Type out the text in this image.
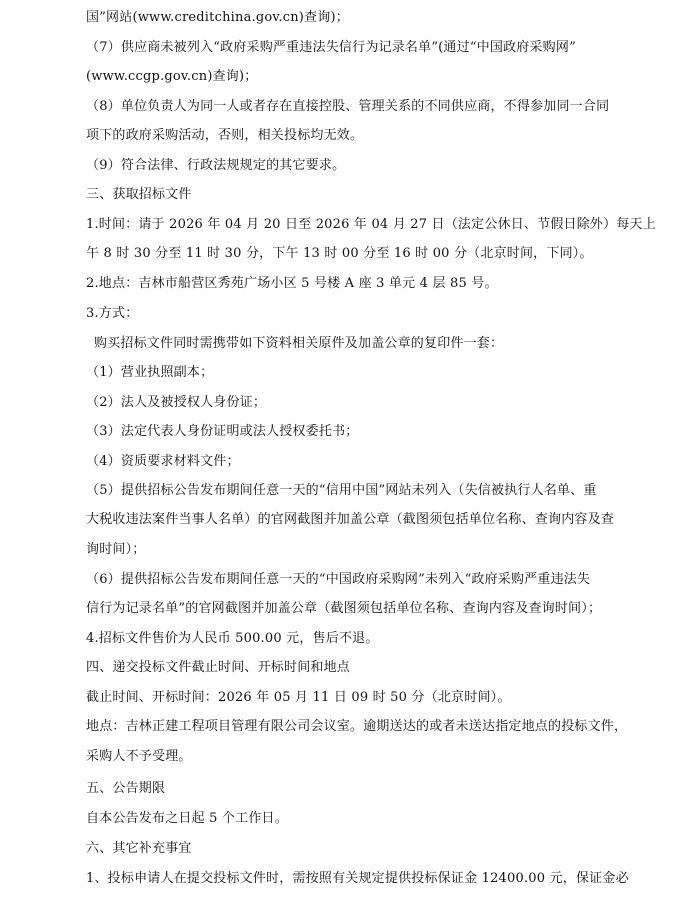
国”网站(www.creditchina.gov.cn)查询)；
（7）供应商未被列入“政府采购严重违法失信行为记录名单”(通过“中国政府采购网”
(www.ccgp.gov.cn)查询)；
（8）单位负责人为同一人或者存在直接控股、管理关系的不同供应商，不得参加同一合同
项下的政府采购活动，否则，相关投标均无效。
（9）符合法律、行政法规规定的其它要求。
三、获取招标文件
1.时间：请于 2026 年 04 月 20 日至 2026 年 04 月 27 日（法定公休日、节假日除外）每天上
午 8 时 30 分至 11 时 30 分，下午 13 时 00 分至 16 时 00 分（北京时间，下同）。
2.地点：吉林市船营区秀苑广场小区 5 号楼 A 座 3 单元 4 层 85 号。
3.方式：
购买招标文件同时需携带如下资料相关原件及加盖公章的复印件一套：
（1）营业执照副本；
（2）法人及被授权人身份证；
（3）法定代表人身份证明或法人授权委托书；
（4）资质要求材料文件；
（5）提供招标公告发布期间任意一天的“信用中国”网站未列入（失信被执行人名单、重
大税收违法案件当事人名单）的官网截图并加盖公章（截图须包括单位名称、查询内容及查
询时间）；
（6）提供招标公告发布期间任意一天的“中国政府采购网”未列入“政府采购严重违法失
信行为记录名单”的官网截图并加盖公章（截图须包括单位名称、查询内容及查询时间）；
4.招标文件售价为人民币 500.00 元，售后不退。
四、递交投标文件截止时间、开标时间和地点
截止时间、开标时间：2026 年 05 月 11 日 09 时 50 分（北京时间）。
地点：吉林正建工程项目管理有限公司会议室。逾期送达的或者未送达指定地点的投标文件，
采购人不予受理。
五、公告期限
自本公告发布之日起 5 个工作日。
六、其它补充事宜
1、投标申请人在提交投标文件时，需按照有关规定提供投标保证金 12400.00 元，保证金必
